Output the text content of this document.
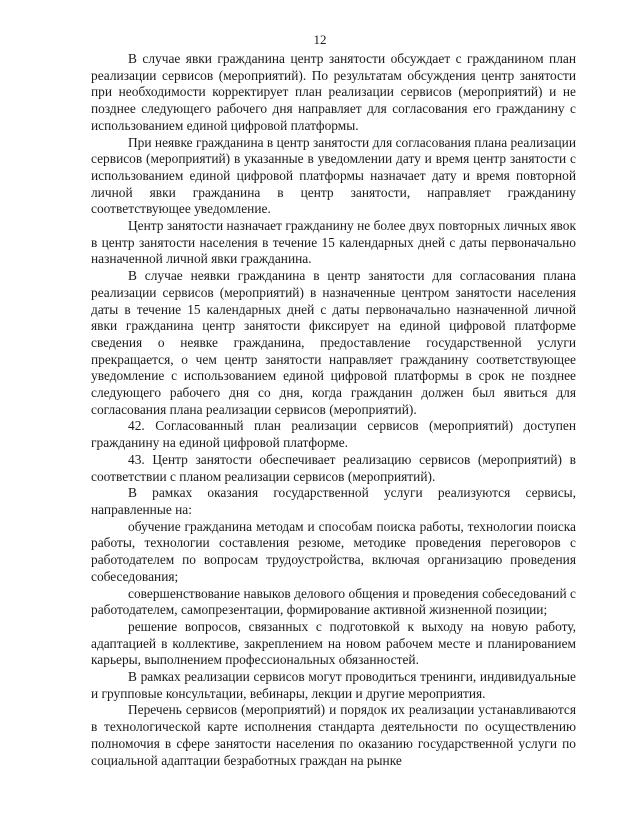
12

В случае явки гражданина центр занятости обсуждает с гражданином план реализации сервисов (мероприятий). По результатам обсуждения центр занятости при необходимости корректирует план реализации сервисов (мероприятий) и не позднее следующего рабочего дня направляет для согласования его гражданину с использованием единой цифровой платформы.

При неявке гражданина в центр занятости для согласования плана реализации сервисов (мероприятий) в указанные в уведомлении дату и время центр занятости с использованием единой цифровой платформы назначает дату и время повторной личной явки гражданина в центр занятости, направляет гражданину соответствующее уведомление.

Центр занятости назначает гражданину не более двух повторных личных явок в центр занятости населения в течение 15 календарных дней с даты первоначально назначенной личной явки гражданина.

В случае неявки гражданина в центр занятости для согласования плана реализации сервисов (мероприятий) в назначенные центром занятости населения даты в течение 15 календарных дней с даты первоначально назначенной личной явки гражданина центр занятости фиксирует на единой цифровой платформе сведения о неявке гражданина, предоставление государственной услуги прекращается, о чем центр занятости направляет гражданину соответствующее уведомление с использованием единой цифровой платформы в срок не позднее следующего рабочего дня со дня, когда гражданин должен был явиться для согласования плана реализации сервисов (мероприятий).

42. Согласованный план реализации сервисов (мероприятий) доступен гражданину на единой цифровой платформе.

43. Центр занятости обеспечивает реализацию сервисов (мероприятий) в соответствии с планом реализации сервисов (мероприятий).

В рамках оказания государственной услуги реализуются сервисы, направленные на:

обучение гражданина методам и способам поиска работы, технологии поиска работы, технологии составления резюме, методике проведения переговоров с работодателем по вопросам трудоустройства, включая организацию проведения собеседования;

совершенствование навыков делового общения и проведения собеседований с работодателем, самопрезентации, формирование активной жизненной позиции;

решение вопросов, связанных с подготовкой к выходу на новую работу, адаптацией в коллективе, закреплением на новом рабочем месте и планированием карьеры, выполнением профессиональных обязанностей.

В рамках реализации сервисов могут проводиться тренинги, индивидуальные и групповые консультации, вебинары, лекции и другие мероприятия.

Перечень сервисов (мероприятий) и порядок их реализации устанавливаются в технологической карте исполнения стандарта деятельности по осуществлению полномочия в сфере занятости населения по оказанию государственной услуги по социальной адаптации безработных граждан на рынке
